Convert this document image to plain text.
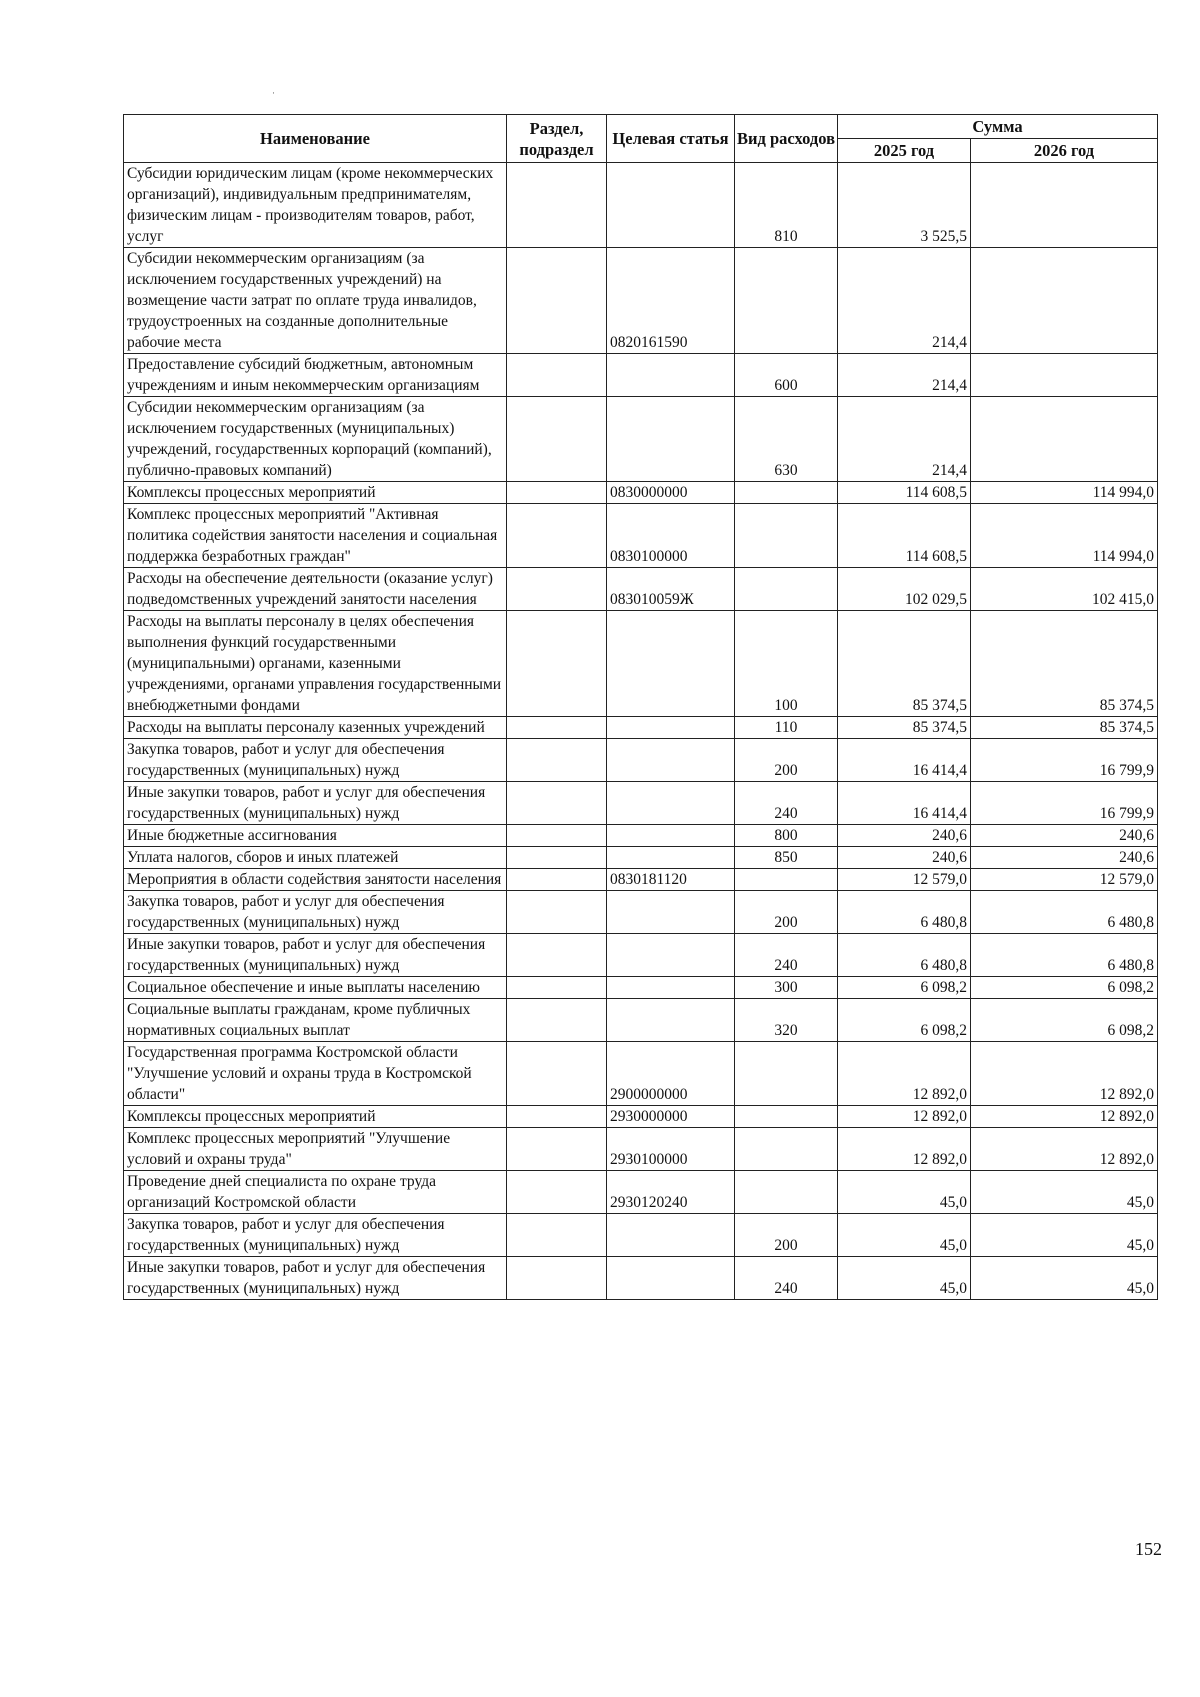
·
Наименование	Раздел, подраздел	Целевая статья	Вид расходов	Сумма	
				2025 год	2026 год
Субсидии юридическим лицам (кроме некоммерческих организаций), индивидуальным предпринимателям, физическим лицам - производителям товаров, работ, услуг			810	3 525,5	
Субсидии некоммерческим организациям (за исключением государственных учреждений) на возмещение части затрат по оплате труда инвалидов, трудоустроенных на созданные дополнительные рабочие места		0820161590		214,4	
Предоставление субсидий бюджетным, автономным учреждениям и иным некоммерческим организациям			600	214,4	
Субсидии некоммерческим организациям (за исключением государственных (муниципальных) учреждений, государственных корпораций (компаний), публично-правовых компаний)			630	214,4	
Комплексы процессных мероприятий		0830000000		114 608,5	114 994,0
Комплекс процессных мероприятий "Активная политика содействия занятости населения и социальная поддержка безработных граждан"		0830100000		114 608,5	114 994,0
Расходы на обеспечение деятельности (оказание услуг) подведомственных учреждений занятости населения		083010059Ж		102 029,5	102 415,0
Расходы на выплаты персоналу в целях обеспечения выполнения функций государственными (муниципальными) органами, казенными учреждениями, органами управления государственными внебюджетными фондами			100	85 374,5	85 374,5
Расходы на выплаты персоналу казенных учреждений			110	85 374,5	85 374,5
Закупка товаров, работ и услуг для обеспечения государственных (муниципальных) нужд			200	16 414,4	16 799,9
Иные закупки товаров, работ и услуг для обеспечения государственных (муниципальных) нужд			240	16 414,4	16 799,9
Иные бюджетные ассигнования			800	240,6	240,6
Уплата налогов, сборов и иных платежей			850	240,6	240,6
Мероприятия в области содействия занятости населения		0830181120		12 579,0	12 579,0
Закупка товаров, работ и услуг для обеспечения государственных (муниципальных) нужд			200	6 480,8	6 480,8
Иные закупки товаров, работ и услуг для обеспечения государственных (муниципальных) нужд			240	6 480,8	6 480,8
Социальное обеспечение и иные выплаты населению			300	6 098,2	6 098,2
Социальные выплаты гражданам, кроме публичных нормативных социальных выплат			320	6 098,2	6 098,2
Государственная программа Костромской области "Улучшение условий и охраны труда в Костромской области"		2900000000		12 892,0	12 892,0
Комплексы процессных мероприятий		2930000000		12 892,0	12 892,0
Комплекс процессных мероприятий "Улучшение условий и охраны труда"		2930100000		12 892,0	12 892,0
Проведение дней специалиста по охране труда организаций Костромской области		2930120240		45,0	45,0
Закупка товаров, работ и услуг для обеспечения государственных (муниципальных) нужд			200	45,0	45,0
Иные закупки товаров, работ и услуг для обеспечения государственных (муниципальных) нужд			240	45,0	45,0
152
